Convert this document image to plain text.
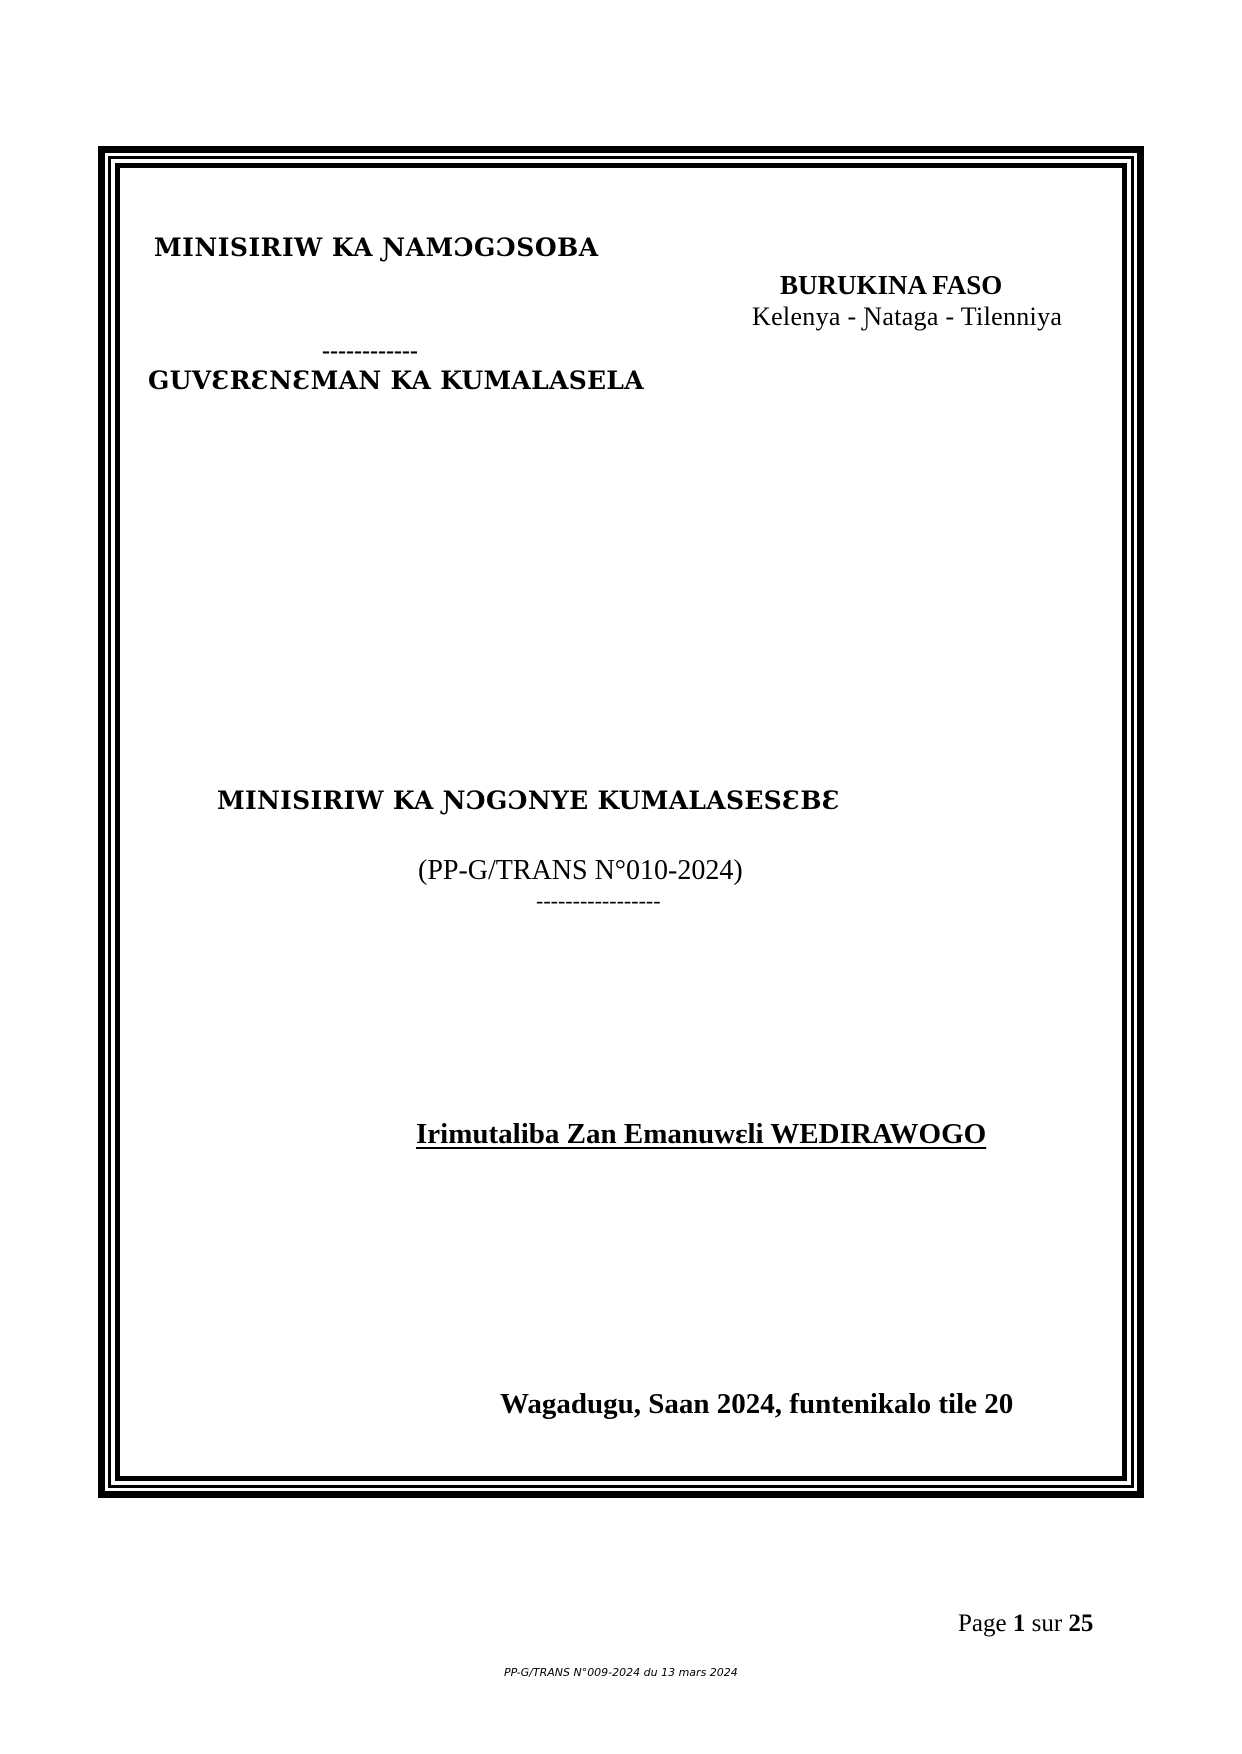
MINISIRIW KA ƝAMƆGƆSOBA
BURUKINA FASO
Kelenya - Ɲataga - Tilenniya
------------
GUVƐRƐNƐMAN KA KUMALASELA
MINISIRIW KA ƝƆGƆNYE KUMALASESƐBƐ
(PP-G/TRANS N°010-2024)
-----------------
Irimutaliba Zan Emanuwɛli WEDIRAWOGO
Wagadugu, Saan 2024, funtenikalo tile 20
Page 1 sur 25
PP-G/TRANS N°009-2024 du 13 mars 2024
